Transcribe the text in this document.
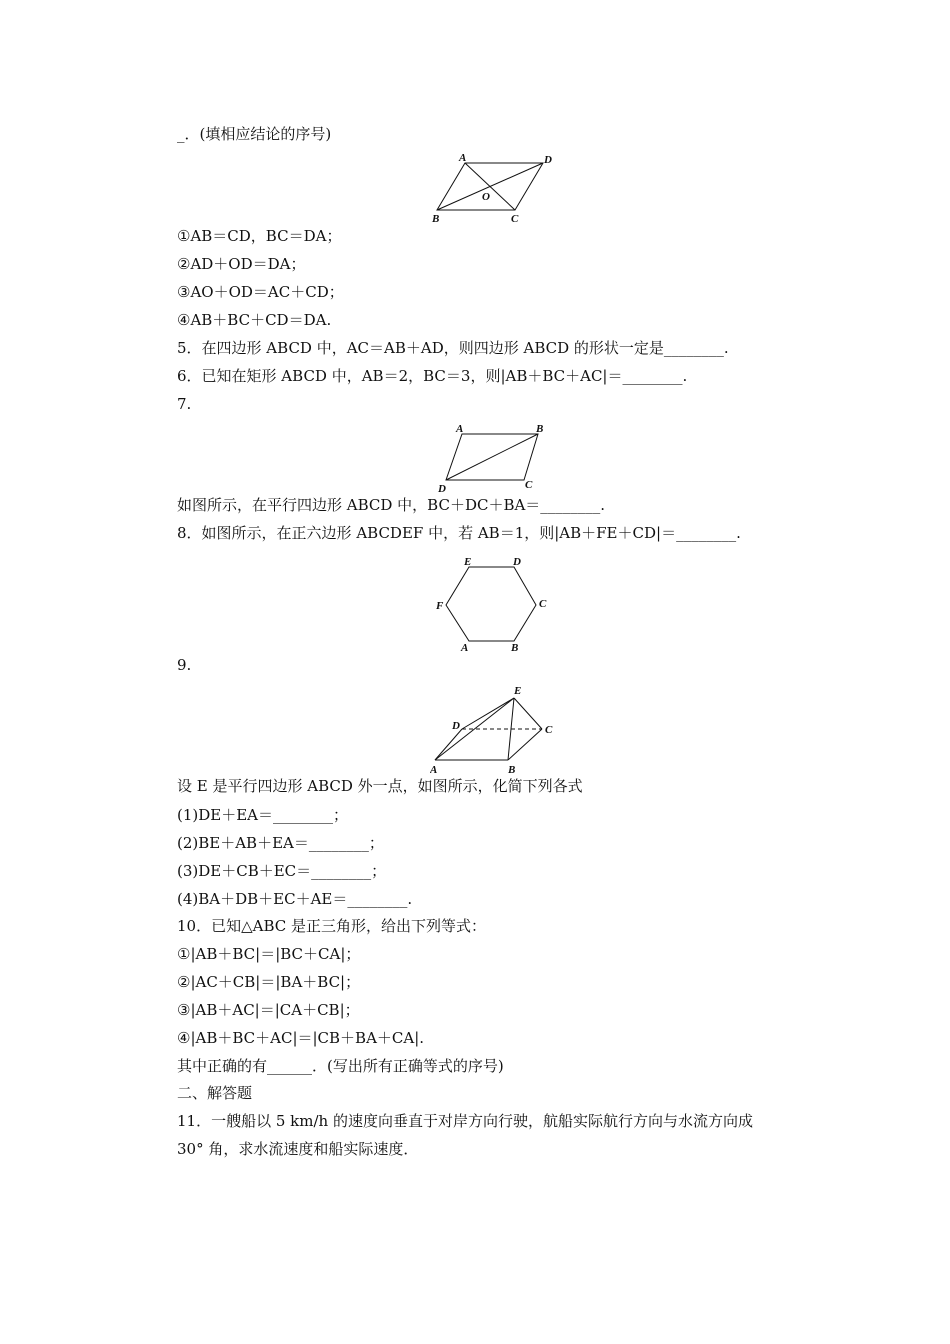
_．(填相应结论的序号)
①AB＝CD，BC＝DA；
②AD＋OD＝DA；
③AO＋OD＝AC＋CD；
④AB＋BC＋CD＝DA.
5．在四边形 ABCD 中，AC＝AB＋AD，则四边形 ABCD 的形状一定是________.
6．已知在矩形 ABCD 中，AB＝2，BC＝3，则|AB＋BC＋AC|＝________.
7.
如图所示，在平行四边形 ABCD 中，BC＋DC＋BA＝________.
8．如图所示，在正六边形 ABCDEF 中，若 AB＝1，则|AB＋FE＋CD|＝________.
9.
设 E 是平行四边形 ABCD 外一点，如图所示，化简下列各式
(1)DE＋EA＝________；
(2)BE＋AB＋EA＝________；
(3)DE＋CB＋EC＝________；
(4)BA＋DB＋EC＋AE＝________.
10．已知△ABC 是正三角形，给出下列等式：
①|AB＋BC|＝|BC＋CA|；
②|AC＋CB|＝|BA＋BC|；
③|AB＋AC|＝|CA＋CB|；
④|AB＋BC＋AC|＝|CB＋BA＋CA|.
其中正确的有______．(写出所有正确等式的序号)
二、解答题
11．一艘船以 5 km/h 的速度向垂直于对岸方向行驶，航船实际航行方向与水流方向成
30° 角，求水流速度和船实际速度．
A	D
O
B	C
A	B
D	C
E	D
F	C
A	B
E
D	C
A	B
